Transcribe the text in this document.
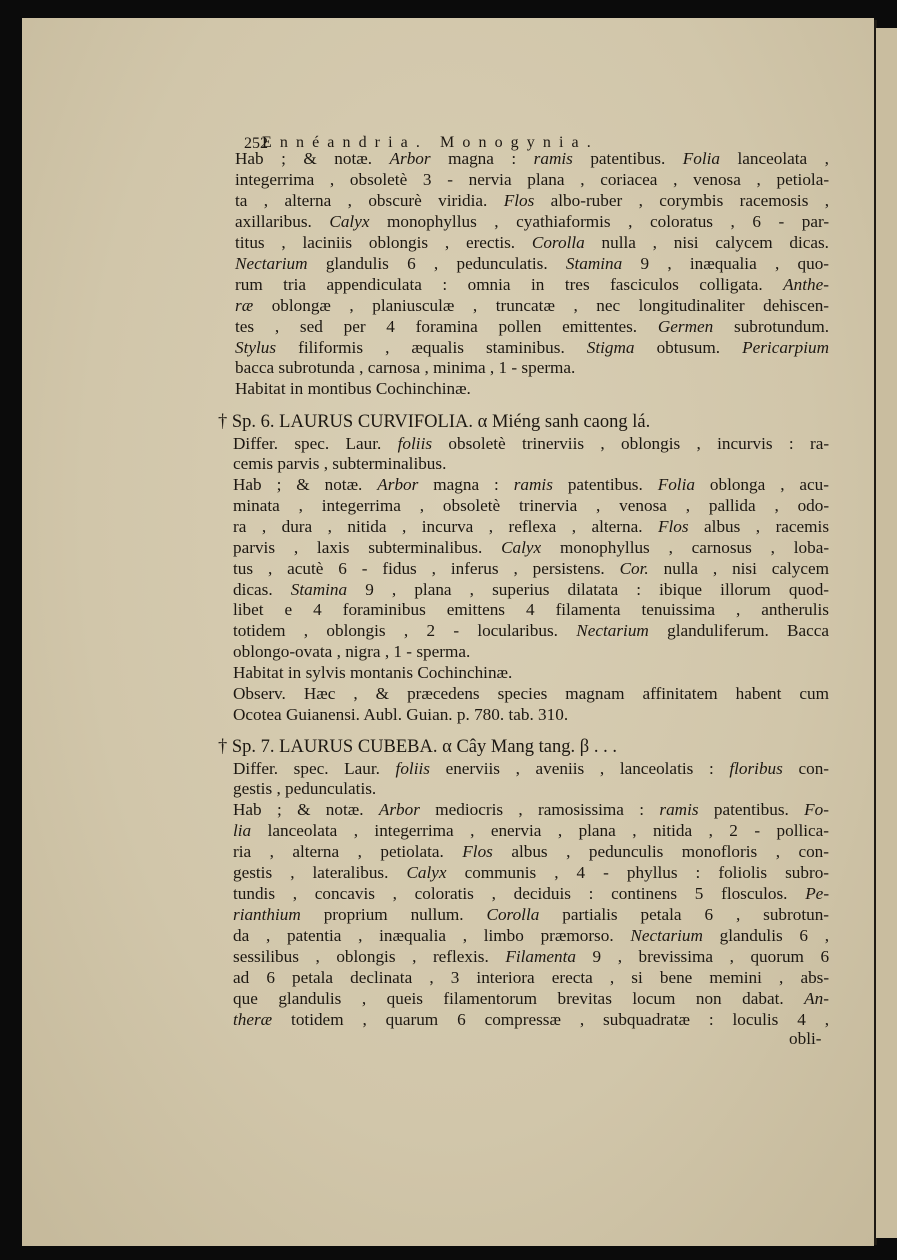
252
Ennéandria. Monogynia.
Hab ; & notæ. Arbor magna : ramis patentibus. Folia lanceolata ,
integerrima , obsoletè 3 - nervia plana , coriacea , venosa , petiola-
ta , alterna , obscurè viridia. Flos albo-ruber , corymbis racemosis ,
axillaribus. Calyx monophyllus , cyathiaformis , coloratus , 6 - par-
titus , laciniis oblongis , erectis. Corolla nulla , nisi calycem dicas.
Nectarium glandulis 6 , pedunculatis. Stamina 9 , inæqualia , quo-
rum tria appendiculata : omnia in tres fasciculos colligata. Anthe-
ræ oblongæ , planiusculæ , truncatæ , nec longitudinaliter dehiscen-
tes , sed per 4 foramina pollen emittentes. Germen subrotundum.
Stylus filiformis , æqualis staminibus. Stigma obtusum. Pericarpium
bacca subrotunda , carnosa , minima , 1 - sperma.
Habitat in montibus Cochinchinæ.
† Sp. 6. LAURUS CURVIFOLIA. α Miéng sanh caong lá.
Differ. spec. Laur. foliis obsoletè trinerviis , oblongis , incurvis : ra-
cemis parvis , subterminalibus.
Hab ; & notæ. Arbor magna : ramis patentibus. Folia oblonga , acu-
minata , integerrima , obsoletè trinervia , venosa , pallida , odo-
ra , dura , nitida , incurva , reflexa , alterna. Flos albus , racemis
parvis , laxis subterminalibus. Calyx monophyllus , carnosus , loba-
tus , acutè 6 - fidus , inferus , persistens. Cor. nulla , nisi calycem
dicas. Stamina 9 , plana , superius dilatata : ibique illorum quod-
libet e 4 foraminibus emittens 4 filamenta tenuissima , antherulis
totidem , oblongis , 2 - locularibus. Nectarium glanduliferum. Bacca
oblongo-ovata , nigra , 1 - sperma.
Habitat in sylvis montanis Cochinchinæ.
Observ. Hæc , & præcedens species magnam affinitatem habent cum
Ocotea Guianensi. Aubl. Guian. p. 780. tab. 310.
† Sp. 7. LAURUS CUBEBA. α Câу Mang tang. β . . .
Differ. spec. Laur. foliis enerviis , aveniis , lanceolatis : floribus con-
gestis , pedunculatis.
Hab ; & notæ. Arbor mediocris , ramosissima : ramis patentibus. Fo-
lia lanceolata , integerrima , enervia , plana , nitida , 2 - pollica-
ria , alterna , petiolata. Flos albus , pedunculis monofloris , con-
gestis , lateralibus. Calyx communis , 4 - phyllus : foliolis subro-
tundis , concavis , coloratis , deciduis : continens 5 flosculos. Pe-
rianthium proprium nullum. Corolla partialis petala 6 , subrotun-
da , patentia , inæqualia , limbo præmorso. Nectarium glandulis 6 ,
sessilibus , oblongis , reflexis. Filamenta 9 , brevissima , quorum 6
ad 6 petala declinata , 3 interiora erecta , si bene memini , abs-
que glandulis , queis filamentorum brevitas locum non dabat. An-
theræ totidem , quarum 6 compressæ , subquadratæ : loculis 4 ,
obli-
